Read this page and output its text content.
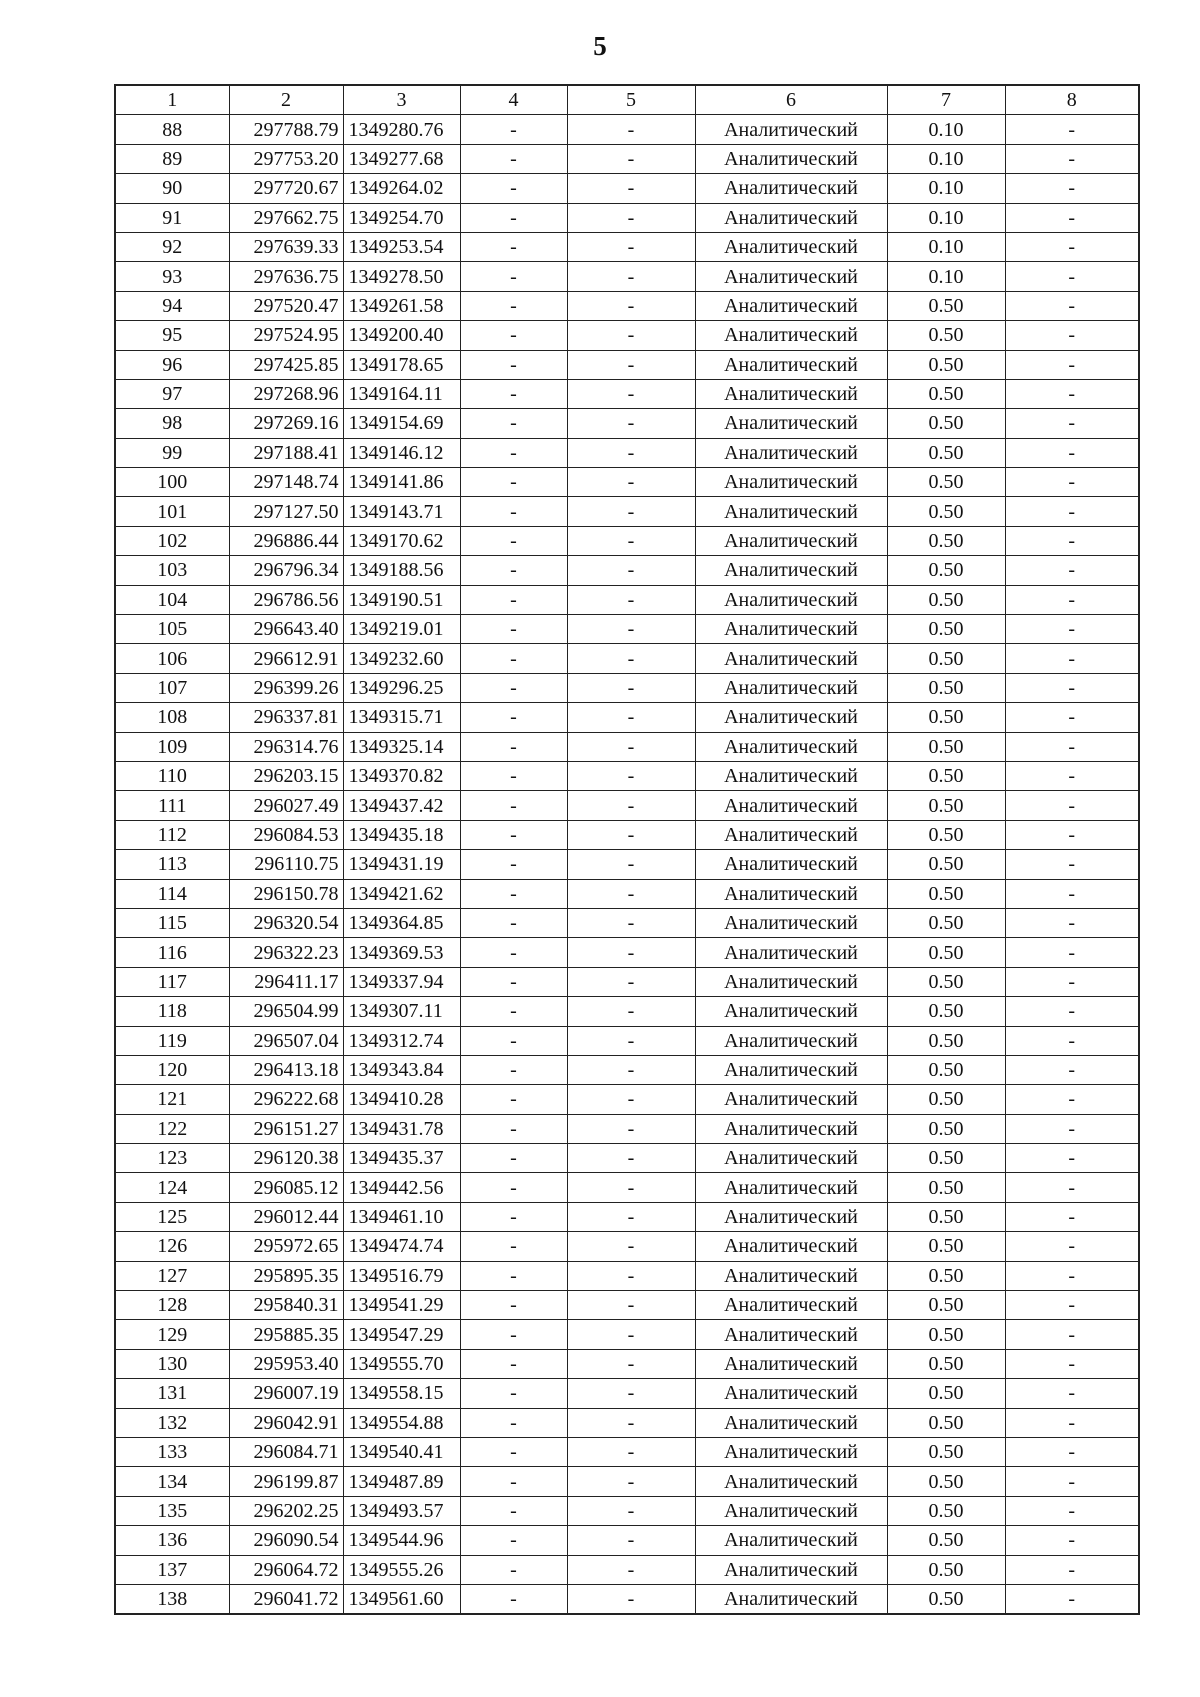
5
1	2	3	4	5	6	7	8
88	297788.79	1349280.76	-	-	Аналитический	0.10	-
89	297753.20	1349277.68	-	-	Аналитический	0.10	-
90	297720.67	1349264.02	-	-	Аналитический	0.10	-
91	297662.75	1349254.70	-	-	Аналитический	0.10	-
92	297639.33	1349253.54	-	-	Аналитический	0.10	-
93	297636.75	1349278.50	-	-	Аналитический	0.10	-
94	297520.47	1349261.58	-	-	Аналитический	0.50	-
95	297524.95	1349200.40	-	-	Аналитический	0.50	-
96	297425.85	1349178.65	-	-	Аналитический	0.50	-
97	297268.96	1349164.11	-	-	Аналитический	0.50	-
98	297269.16	1349154.69	-	-	Аналитический	0.50	-
99	297188.41	1349146.12	-	-	Аналитический	0.50	-
100	297148.74	1349141.86	-	-	Аналитический	0.50	-
101	297127.50	1349143.71	-	-	Аналитический	0.50	-
102	296886.44	1349170.62	-	-	Аналитический	0.50	-
103	296796.34	1349188.56	-	-	Аналитический	0.50	-
104	296786.56	1349190.51	-	-	Аналитический	0.50	-
105	296643.40	1349219.01	-	-	Аналитический	0.50	-
106	296612.91	1349232.60	-	-	Аналитический	0.50	-
107	296399.26	1349296.25	-	-	Аналитический	0.50	-
108	296337.81	1349315.71	-	-	Аналитический	0.50	-
109	296314.76	1349325.14	-	-	Аналитический	0.50	-
110	296203.15	1349370.82	-	-	Аналитический	0.50	-
111	296027.49	1349437.42	-	-	Аналитический	0.50	-
112	296084.53	1349435.18	-	-	Аналитический	0.50	-
113	296110.75	1349431.19	-	-	Аналитический	0.50	-
114	296150.78	1349421.62	-	-	Аналитический	0.50	-
115	296320.54	1349364.85	-	-	Аналитический	0.50	-
116	296322.23	1349369.53	-	-	Аналитический	0.50	-
117	296411.17	1349337.94	-	-	Аналитический	0.50	-
118	296504.99	1349307.11	-	-	Аналитический	0.50	-
119	296507.04	1349312.74	-	-	Аналитический	0.50	-
120	296413.18	1349343.84	-	-	Аналитический	0.50	-
121	296222.68	1349410.28	-	-	Аналитический	0.50	-
122	296151.27	1349431.78	-	-	Аналитический	0.50	-
123	296120.38	1349435.37	-	-	Аналитический	0.50	-
124	296085.12	1349442.56	-	-	Аналитический	0.50	-
125	296012.44	1349461.10	-	-	Аналитический	0.50	-
126	295972.65	1349474.74	-	-	Аналитический	0.50	-
127	295895.35	1349516.79	-	-	Аналитический	0.50	-
128	295840.31	1349541.29	-	-	Аналитический	0.50	-
129	295885.35	1349547.29	-	-	Аналитический	0.50	-
130	295953.40	1349555.70	-	-	Аналитический	0.50	-
131	296007.19	1349558.15	-	-	Аналитический	0.50	-
132	296042.91	1349554.88	-	-	Аналитический	0.50	-
133	296084.71	1349540.41	-	-	Аналитический	0.50	-
134	296199.87	1349487.89	-	-	Аналитический	0.50	-
135	296202.25	1349493.57	-	-	Аналитический	0.50	-
136	296090.54	1349544.96	-	-	Аналитический	0.50	-
137	296064.72	1349555.26	-	-	Аналитический	0.50	-
138	296041.72	1349561.60	-	-	Аналитический	0.50	-
